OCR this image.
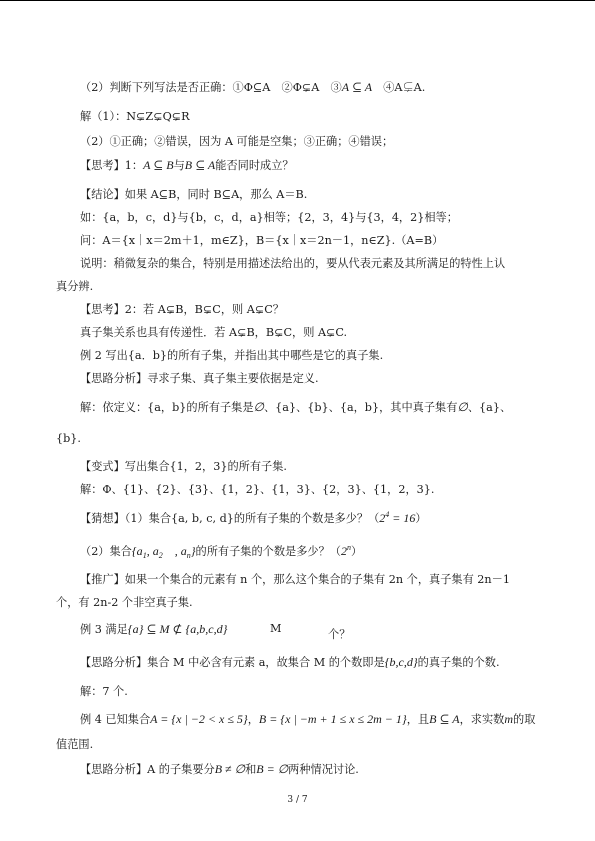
（2）判断下列写法是否正确：①Φ⊆A　②Φ⊊A　③A ⊆ A　④A⊊A.
解（1）：N⊊Z⊊Q⊊R
（2）①正确；②错误，因为 A 可能是空集；③正确；④错误；
【思考】1：A ⊆ B与B ⊆ A能否同时成立？
【结论】如果 A⊆B，同时 B⊆A，那么 A＝B.
如：{a，b，c，d}与{b，c，d，a}相等；{2，3，4}与{3，4，2}相等；
问：A＝{x｜x＝2m＋1，m∈Z}，B＝{x｜x＝2n－1，n∈Z}.（A=B）
说明：稍微复杂的集合，特别是用描述法给出的，要从代表元素及其所满足的特性上认
真分辨.
【思考】2：若 A⊊B，B⊊C，则 A⊊C？
真子集关系也具有传递性．若 A⊊B，B⊊C，则 A⊊C.
例 2 写出{a．b}的所有子集，并指出其中哪些是它的真子集.
【思路分析】寻求子集、真子集主要依据是定义.
解：依定义：{a，b}的所有子集是∅、{a}、{b}、{a，b}，其中真子集有∅、{a}、
{b}.
【变式】写出集合{1，2，3}的所有子集.
解：Φ、{1}、{2}、{3}、{1，2}、{1，3}、{2，3}、{1，2，3}.
【猜想】（1）集合{a, b, c, d}的所有子集的个数是多少？$(2^4 = 16)$
（2）集合{$a_1$, $a_2$　, $a_n$}的所有子集的个数是多少？（2$^n$）
【推广】如果一个集合的元素有 n 个，那么这个集合的子集有 2n 个，真子集有 2n－1
个，有 2n-2 个非空真子集.
例 3 满足{a} ⊆ M ⊄ {a,b,c,d}	M	个？
【思路分析】集合 M 中必含有元素 a，故集合 M 的个数即是{b,c,d}的真子集的个数.
解：7 个.
例 4 已知集合A = {x | −2 < x ≤ 5}，B = {x | −m + 1 ≤ x ≤ 2m − 1}，且B ⊆ A，求实数m的取
值范围.
【思路分析】A 的子集要分B ≠ ∅和B = ∅两种情况讨论.
3 / 7
